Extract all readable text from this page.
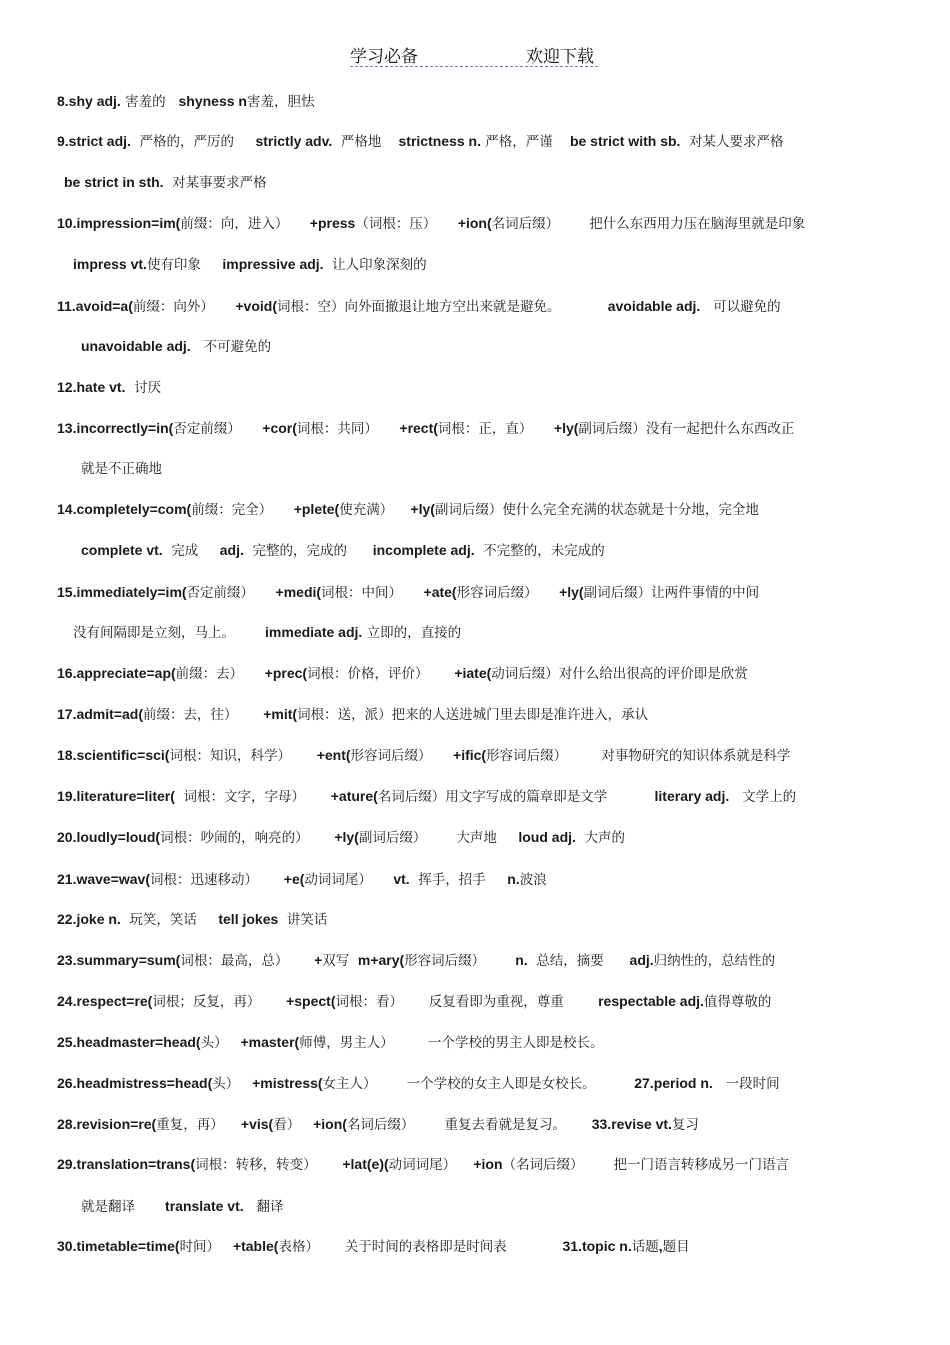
学习必备	欢迎下载
8.shy adj. 害羞的   shyness n害羞，胆怯
9.strict adj.  严格的，严厉的     strictly adv.  严格地    strictness n. 严格，严谨    be strict with sb.  对某人要求严格
be strict in sth.  对某事要求严格
10.impression=im(前缀：向，进入）     +press（词根：压）     +ion(名词后缀）       把什么东西用力压在脑海里就是印象
impress vt.使有印象     impressive adj.  让人印象深刻的
11.avoid=a(前缀：向外）     +void(词根：空）向外面撤退让地方空出来就是避免。           avoidable adj.   可以避免的
unavoidable adj.   不可避免的
12.hate vt.  讨厌
13.incorrectly=in(否定前缀）     +cor(词根：共同）     +rect(词根：正，直）     +ly(副词后缀）没有一起把什么东西改正
就是不正确地
14.completely=com(前缀：完全）     +plete(使充满）    +ly(副词后缀）使什么完全充满的状态就是十分地，完全地
complete vt.  完成     adj.  完整的，完成的      incomplete adj.  不完整的，未完成的
15.immediately=im(否定前缀）     +medi(词根：中间）     +ate(形容词后缀）     +ly(副词后缀）让两件事情的中间
没有间隔即是立刻，马上。       immediate adj. 立即的，直接的
16.appreciate=ap(前缀：去）     +prec(词根：价格，评价）      +iate(动词后缀）对什么给出很高的评价即是欣赏
17.admit=ad(前缀：去，往）      +mit(词根：送，派）把来的人送进城门里去即是准许进入，承认
18.scientific=sci(词根：知识，科学）      +ent(形容词后缀）     +ific(形容词后缀）        对事物研究的知识体系就是科学
19.literature=liter(  词根：文字，字母）      +ature(名词后缀）用文字写成的篇章即是文学           literary adj.   文学上的
20.loudly=loud(词根：吵闹的，响亮的）      +ly(副词后缀）       大声地     loud adj.  大声的
21.wave=wav(词根：迅速移动）      +e(动词词尾）     vt.  挥手，招手     n.波浪
22.joke n.  玩笑，笑话     tell jokes  讲笑话
23.summary=sum(词根：最高，总）      +双写  m+ary(形容词后缀）       n.  总结，摘要      adj.归纳性的，总结性的
24.respect=re(词根；反复，再）      +spect(词根：看）      反复看即为重视，尊重        respectable adj.值得尊敬的
25.headmaster=head(头）   +master(师傅，男主人）        一个学校的男主人即是校长。
26.headmistress=head(头）   +mistress(女主人）       一个学校的女主人即是女校长。         27.period n.   一段时间
28.revision=re(重复，再）    +vis(看）   +ion(名词后缀）       重复去看就是复习。      33.revise vt.复习
29.translation=trans(词根：转移，转变）      +lat(e)(动词词尾）    +ion（名词后缀）       把一门语言转移成另一门语言
就是翻译       translate vt.   翻译
30.timetable=time(时间）   +table(表格）      关于时间的表格即是时间表             31.topic n.话题,题目
